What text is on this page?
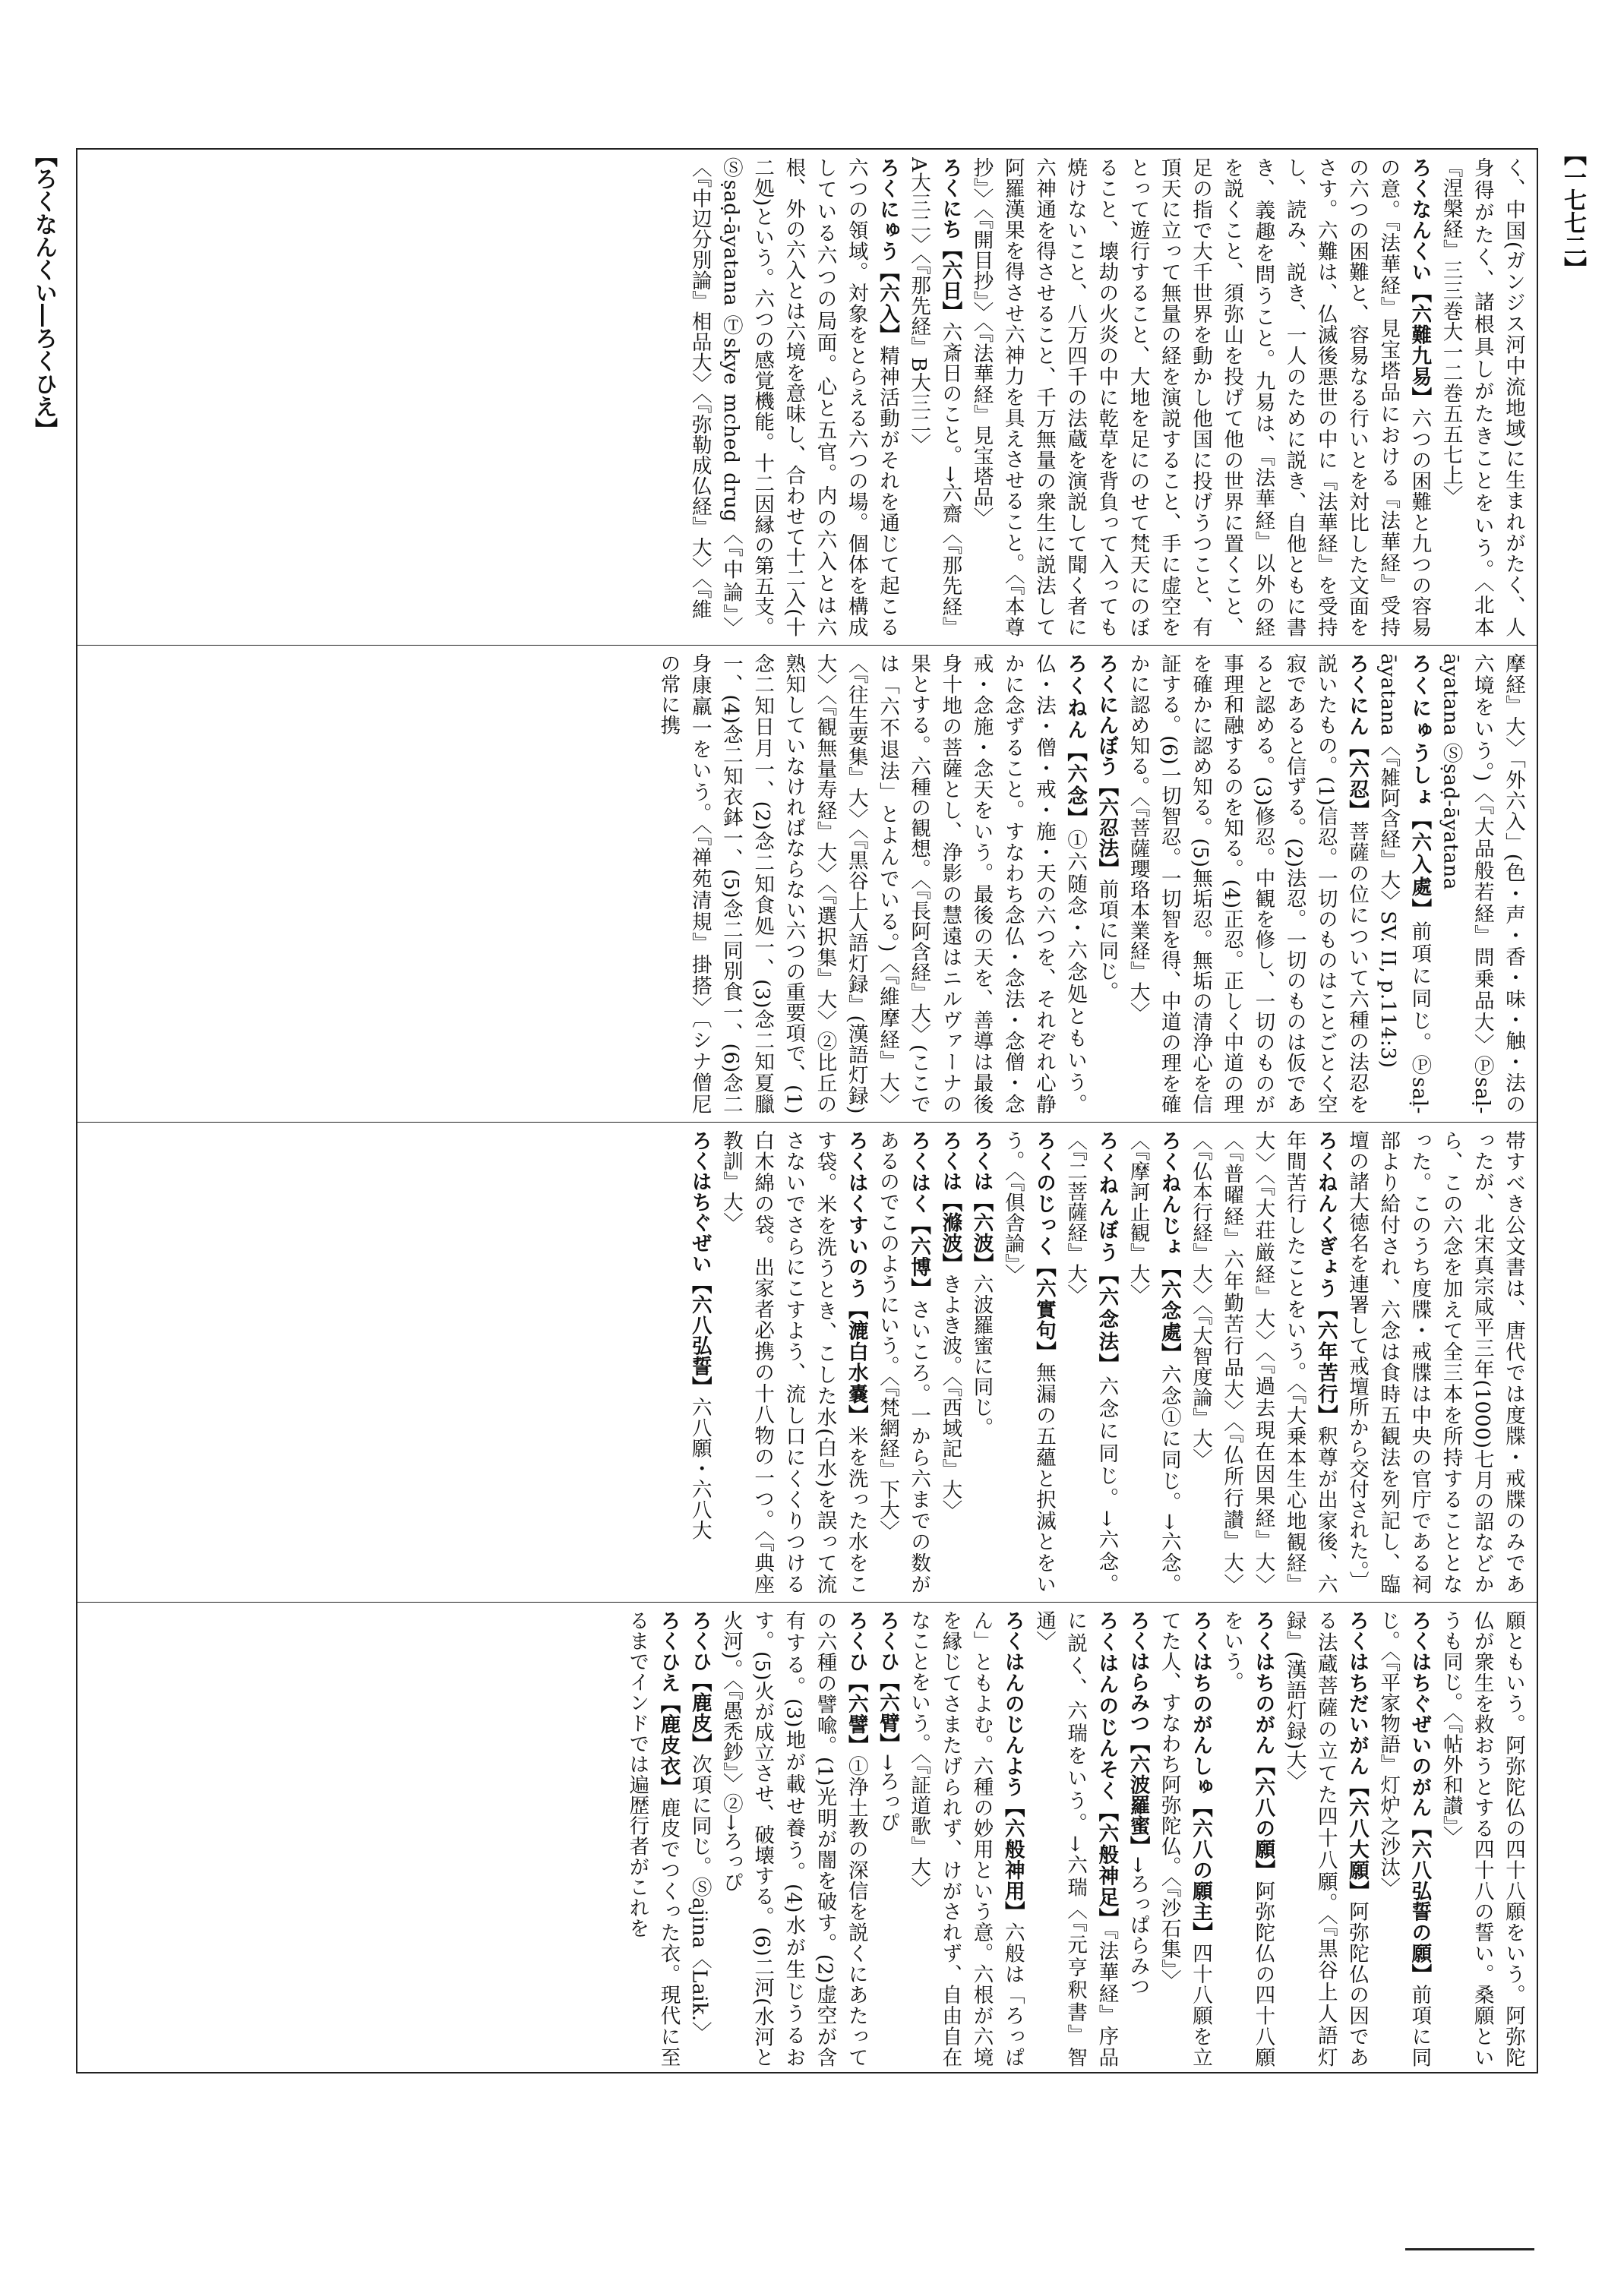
【ろくなんくい―ろくひえ】	【一七七二】
く、中国(ガンジス河中流地域)に生まれがたく、人身得がたく、諸根具しがたきことをいう。〈北本『涅槃経』三三巻大一二巻五五七上〉
ろくなんくい【六難九易】六つの困難と九つの容易の意。『法華経』見宝塔品における『法華経』受持の六つの困難と、容易なる行いとを対比した文面をさす。六難は、仏滅後悪世の中に『法華経』を受持し、読み、説き、一人のために説き、自他ともに書き、義趣を問うこと。九易は、『法華経』以外の経を説くこと、須弥山を投げて他の世界に置くこと、足の指で大千世界を動かし他国に投げうつこと、有頂天に立って無量の経を演説すること、手に虚空をとって遊行すること、大地を足にのせて梵天にのぼること、壊劫の火炎の中に乾草を背負って入っても焼けないこと、八万四千の法蔵を演説して聞く者に六神通を得させること、千万無量の衆生に説法して阿羅漢果を得させ六神力を具えさせること。〈『本尊抄』〉〈『開目抄』〉〈『法華経』見宝塔品〉
ろくにち【六日】六斎日のこと。→六齋〈『那先経』A大三二〉〈『那先経』B大三二〉
ろくにゅう【六入】精神活動がそれを通じて起こる六つの領域。対象をとらえる六つの場。個体を構成している六つの局面。心と五官。内の六入とは六根、外の六入とは六境を意味し、合わせて十二入(十二処)という。六つの感覚機能。十二因縁の第五支。Ⓢṣaḍ-āyatana Ⓣskye mched drug〈『中論』〉〈『中辺分別論』相品大〉〈『弥勒成仏経』大〉〈『維

摩経』大〉「外六入」(色・声・香・味・触・法の六境をいう。)〈『大品般若経』問乗品大〉Ⓟsaḷ-āyatana Ⓢṣaḍ-āyatana
ろくにゅうしょ【六入處】前項に同じ。Ⓟsaḷ-āyatana〈『雑阿含経』大〉SV. II, p.114:3)
ろくにん【六忍】菩薩の位について六種の法忍を説いたもの。(1)信忍。一切のものはことごとく空寂であると信ずる。(2)法忍。一切のものは仮であると認める。(3)修忍。中観を修し、一切のものが事理和融するのを知る。(4)正忍。正しく中道の理を確かに認め知る。(5)無垢忍。無垢の清浄心を信証する。(6)一切智忍。一切智を得、中道の理を確かに認め知る。〈『菩薩瓔珞本業経』大〉
ろくにんぼう【六忍法】前項に同じ。
ろくねん【六念】①六随念・六念処ともいう。仏・法・僧・戒・施・天の六つを、それぞれ心静かに念ずること。すなわち念仏・念法・念僧・念戒・念施・念天をいう。最後の天を、善導は最後身十地の菩薩とし、浄影の慧遠はニルヴァーナの果とする。六種の観想。〈『長阿含経』大〉(ここでは「六不退法」とよんでいる。)〈『維摩経』大〉〈『往生要集』大〉〈『黒谷上人語灯録』(漢語灯録)大〉〈『観無量寿経』大〉〈『選択集』大〉②比丘の熟知していなければならない六つの重要項で、(1)念二知日月一、(2)念二知食処一、(3)念二知夏臘一、(4)念二知衣鉢一、(5)念二同別食一、(6)念二身康羸一をいう。〈『禅苑清規』掛搭〉〔シナ僧尼の常に携

帯すべき公文書は、唐代では度牒・戒牒のみであったが、北宋真宗咸平三年(1000)七月の詔などから、この六念を加えて全三本を所持することとなった。このうち度牒・戒牒は中央の官庁である祠部より給付され、六念は食時五観法を列記し、臨壇の諸大徳名を連署して戒壇所から交付された。〕
ろくねんくぎょう【六年苦行】釈尊が出家後、六年間苦行したことをいう。〈『大乗本生心地観経』大〉〈『大荘厳経』大〉〈『過去現在因果経』大〉〈『普曜経』六年勤苦行品大〉〈『仏所行讃』大〉〈『仏本行経』大〉〈『大智度論』大〉
ろくねんじょ【六念處】六念①に同じ。→六念。〈『摩訶止観』大〉
ろくねんぼう【六念法】六念に同じ。→六念。〈『二菩薩経』大〉
ろくのじっく【六實句】無漏の五蘊と択滅とをいう。〈『倶舎論』〉
ろくは【六波】六波羅蜜に同じ。
ろくは【滌波】きよき波。〈『西域記』大〉
ろくはく【六博】さいころ。一から六までの数があるのでこのようにいう。〈『梵網経』下大〉
ろくはくすいのう【漉白水嚢】米を洗った水をこす袋。米を洗うとき、こした水(白水)を誤って流さないでさらにこすよう、流し口にくくりつける白木綿の袋。出家者必携の十八物の一つ。〈『典座教訓』大〉
ろくはちぐぜい【六八弘誓】六八願・六八大

願ともいう。阿弥陀仏の四十八願をいう。阿弥陀仏が衆生を救おうとする四十八の誓い。桑願というも同じ。〈『帖外和讃』〉
ろくはちぐぜいのがん【六八弘誓の願】前項に同じ。〈『平家物語』灯炉之沙汰〉
ろくはちだいがん【六八大願】阿弥陀仏の因である法蔵菩薩の立てた四十八願。〈『黒谷上人語灯録』(漢語灯録)大〉
ろくはちのがん【六八の願】阿弥陀仏の四十八願をいう。
ろくはちのがんしゅ【六八の願主】四十八願を立てた人、すなわち阿弥陀仏。〈『沙石集』〉
ろくはらみつ【六波羅蜜】→ろっぱらみつ
ろくはんのじんそく【六般神足】『法華経』序品に説く、六瑞をいう。→六瑞〈『元亨釈書』智通〉
ろくはんのじんよう【六般神用】六般は「ろっぱん」ともよむ。六種の妙用という意。六根が六境を縁じてさまたげられず、けがされず、自由自在なことをいう。〈『証道歌』大〉
ろくひ【六臂】→ろっぴ
ろくひ【六譬】①浄土教の深信を説くにあたっての六種の譬喩。(1)光明が闇を破す。(2)虚空が含有する。(3)地が載せ養う。(4)水が生じうるおす。(5)火が成立させ、破壊する。(6)二河(水河と火河)。〈『愚禿鈔』〉②→ろっぴ
ろくひ【鹿皮】次項に同じ。Ⓢajina〈Laik.〉
ろくひえ【鹿皮衣】鹿皮でつくった衣。現代に至るまでインドでは遍歴行者がこれを
